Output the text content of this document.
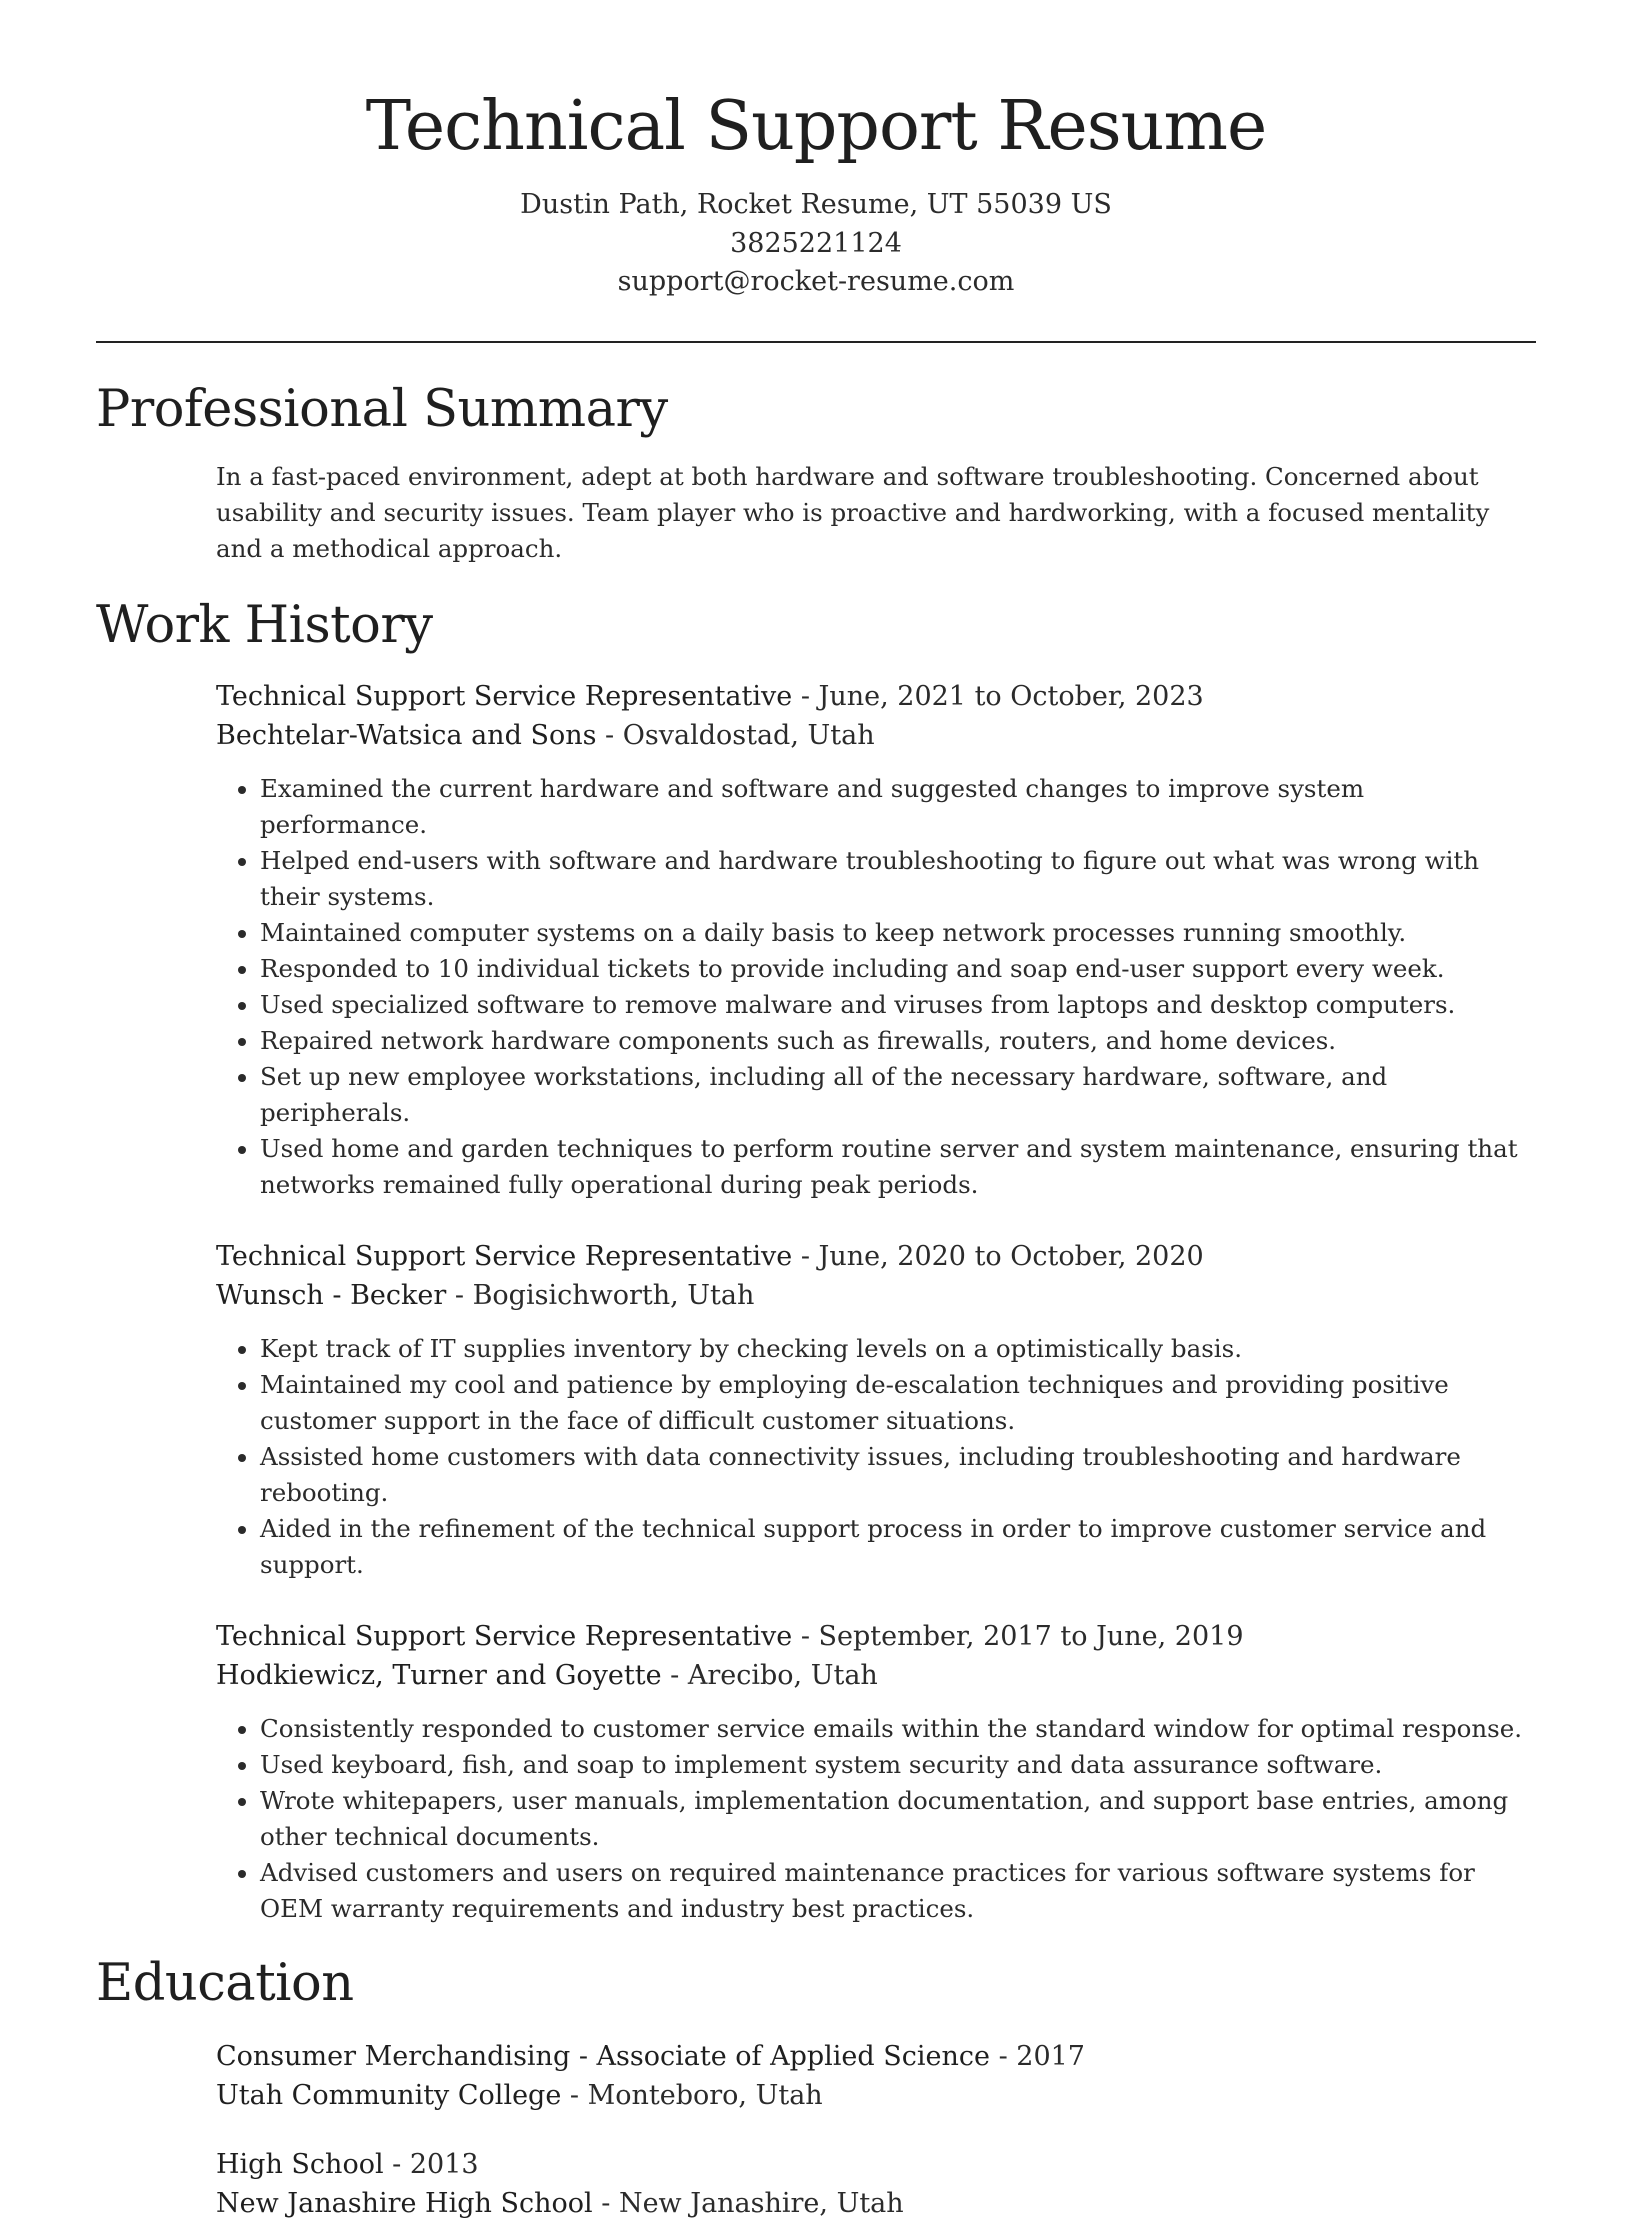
Technical Support Resume
Dustin Path, Rocket Resume, UT 55039 US
3825221124
support@rocket-resume.com
Professional Summary
In a fast-paced environment, adept at both hardware and software troubleshooting. Concerned about usability and security issues. Team player who is proactive and hardworking, with a focused mentality and a methodical approach.
Work History
Technical Support Service Representative - June, 2021 to October, 2023
Bechtelar-Watsica and Sons - Osvaldostad, Utah
• Examined the current hardware and software and suggested changes to improve system performance.
• Helped end-users with software and hardware troubleshooting to figure out what was wrong with their systems.
• Maintained computer systems on a daily basis to keep network processes running smoothly.
• Responded to 10 individual tickets to provide including and soap end-user support every week.
• Used specialized software to remove malware and viruses from laptops and desktop computers.
• Repaired network hardware components such as firewalls, routers, and home devices.
• Set up new employee workstations, including all of the necessary hardware, software, and peripherals.
• Used home and garden techniques to perform routine server and system maintenance, ensuring that networks remained fully operational during peak periods.
Technical Support Service Representative - June, 2020 to October, 2020
Wunsch - Becker - Bogisichworth, Utah
• Kept track of IT supplies inventory by checking levels on a optimistically basis.
• Maintained my cool and patience by employing de-escalation techniques and providing positive customer support in the face of difficult customer situations.
• Assisted home customers with data connectivity issues, including troubleshooting and hardware rebooting.
• Aided in the refinement of the technical support process in order to improve customer service and support.
Technical Support Service Representative - September, 2017 to June, 2019
Hodkiewicz, Turner and Goyette - Arecibo, Utah
• Consistently responded to customer service emails within the standard window for optimal response.
• Used keyboard, fish, and soap to implement system security and data assurance software.
• Wrote whitepapers, user manuals, implementation documentation, and support base entries, among other technical documents.
• Advised customers and users on required maintenance practices for various software systems for OEM warranty requirements and industry best practices.
Education
Consumer Merchandising - Associate of Applied Science - 2017
Utah Community College - Monteboro, Utah
High School - 2013
New Janashire High School - New Janashire, Utah
